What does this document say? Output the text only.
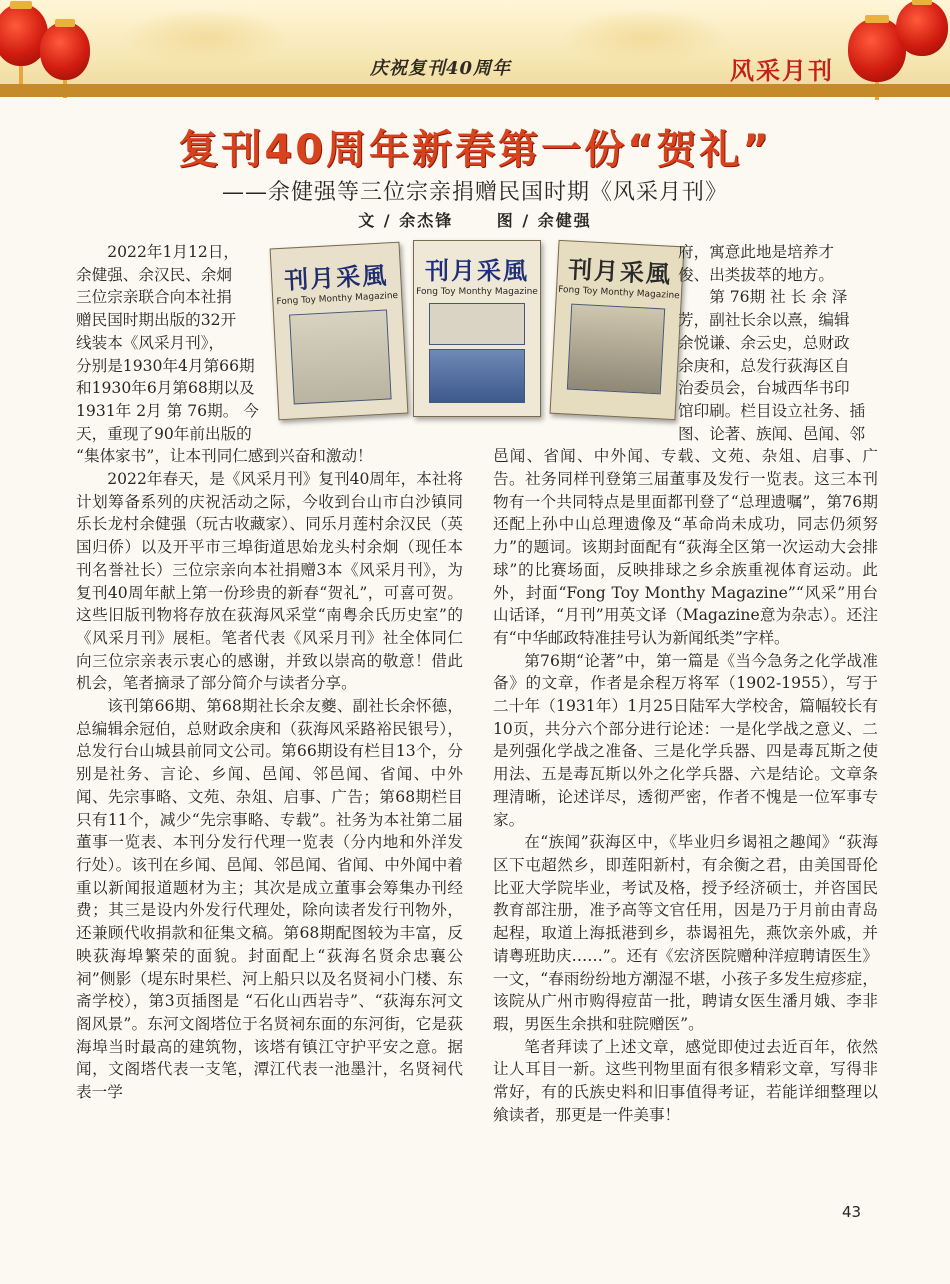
庆祝复刊40周年	风采月刊
复刊40周年新春第一份“贺礼”
——余健强等三位宗亲捐赠民国时期《风采月刊》
文 / 余杰锋	图 / 余健强
刊月采風
Fong Toy Monthy Magazine
刊月采風
Fong Toy Monthy Magazine
刊月采風
Fong Toy Monthy Magazine
2022年1月12日，
余健强、余汉民、余炯
三位宗亲联合向本社捐
赠民国时期出版的32开
线装本《风采月刊》，
分别是1930年4月第66期
和1930年6月第68期以及
1931年 2月 第 76期。 今
天，重现了90年前出版的

“集体家书”，让本刊同仁感到兴奋和激动！

2022年春天，是《风采月刊》复刊40周年，本社将计划筹备系列的庆祝活动之际，今收到台山市白沙镇同乐长龙村余健强（玩古收藏家）、同乐月莲村余汉民（英国归侨）以及开平市三埠街道思始龙头村余炯（现任本刊名誉社长）三位宗亲向本社捐赠3本《风采月刊》，为复刊40周年献上第一份珍贵的新春“贺礼”，可喜可贺。 这些旧版刊物将存放在荻海风采堂“南粤余氏历史室”的《风采月刊》展柜。笔者代表《风采月刊》社全体同仁向三位宗亲表示衷心的感谢，并致以崇高的敬意！借此机会，笔者摘录了部分简介与读者分享。

该刊第66期、第68期社长余友夔、副社长余怀德，总编辑余冠伯，总财政余庚和（荻海风采路裕民银号），总发行台山城县前同文公司。第66期设有栏目13个，分别是社务、言论、乡闻、邑闻、邻邑闻、省闻、中外闻、先宗事略、文苑、杂俎、启事、广告；第68期栏目只有11个，减少“先宗事略、专载”。社务为本社第二届董事一览表、本刊分发行代理一览表（分内地和外洋发行处）。该刊在乡闻、邑闻、邻邑闻、省闻、中外闻中着重以新闻报道题材为主；其次是成立董事会筹集办刊经费；其三是设内外发行代理处，除向读者发行刊物外，还兼顾代收捐款和征集文稿。第68期配图较为丰富，反映荻海埠繁荣的面貌。封面配上“荻海名贤余忠襄公祠”侧影（堤东时果栏、河上船只以及名贤祠小门楼、东斋学校），第3页插图是 “石化山西岩寺”、“荻海东河文阁风景”。东河文阁塔位于名贤祠东面的东河街，它是荻海埠当时最高的建筑物，该塔有镇江守护平安之意。据闻，文阁塔代表一支笔，潭江代表一池墨汁，名贤祠代表一学

府，寓意此地是培养才
俊、出类拔萃的地方。
第 76期 社 长 余 泽
芳，副社长余以熹，编辑
余悦谦、余云史，总财政
余庚和，总发行荻海区自
治委员会，台城西华书印
馆印刷。栏目设立社务、插
图、论著、族闻、邑闻、邻

邑闻、省闻、中外闻、专载、文苑、杂俎、启事、广告。社务同样刊登第三届董事及发行一览表。这三本刊物有一个共同特点是里面都刊登了“总理遗嘱”，第76期还配上孙中山总理遗像及“革命尚未成功，同志仍须努力”的题词。该期封面配有“荻海全区第一次运动大会排球”的比赛场面，反映排球之乡余族重视体育运动。此外，封面“Fong Toy Monthy Magazine”“风采”用台山话译，“月刊”用英文译（Magazine意为杂志）。还注有“中华邮政特准挂号认为新闻纸类”字样。

第76期“论著”中，第一篇是《当今急务之化学战准备》的文章，作者是余程万将军（1902-1955），写于二十年（1931年）1月25日陆军大学校舍，篇幅较长有10页，共分六个部分进行论述：一是化学战之意义、二是列强化学战之准备、三是化学兵器、四是毒瓦斯之使用法、五是毒瓦斯以外之化学兵器、六是结论。文章条理清晰，论述详尽，透彻严密，作者不愧是一位军事专家。

在“族闻”荻海区中，《毕业归乡谒祖之趣闻》“荻海区下屯超然乡，即莲阳新村，有余衡之君，由美国哥伦比亚大学院毕业，考试及格，授予经济硕士，并咨国民教育部注册，准予高等文官任用，因是乃于月前由青岛起程，取道上海抵港到乡，恭谒祖先，燕饮亲外戚，并请粤班助庆……”。还有《宏济医院赠种洋痘聘请医生》一文，“春雨纷纷地方潮湿不堪，小孩子多发生痘疹症，该院从广州市购得痘苗一批，聘请女医生潘月娥、李非瑕，男医生余拱和驻院赠医”。

笔者拜读了上述文章，感觉即使过去近百年，依然让人耳目一新。这些刊物里面有很多精彩文章，写得非常好，有的氏族史料和旧事值得考证，若能详细整理以飨读者，那更是一件美事！

43
